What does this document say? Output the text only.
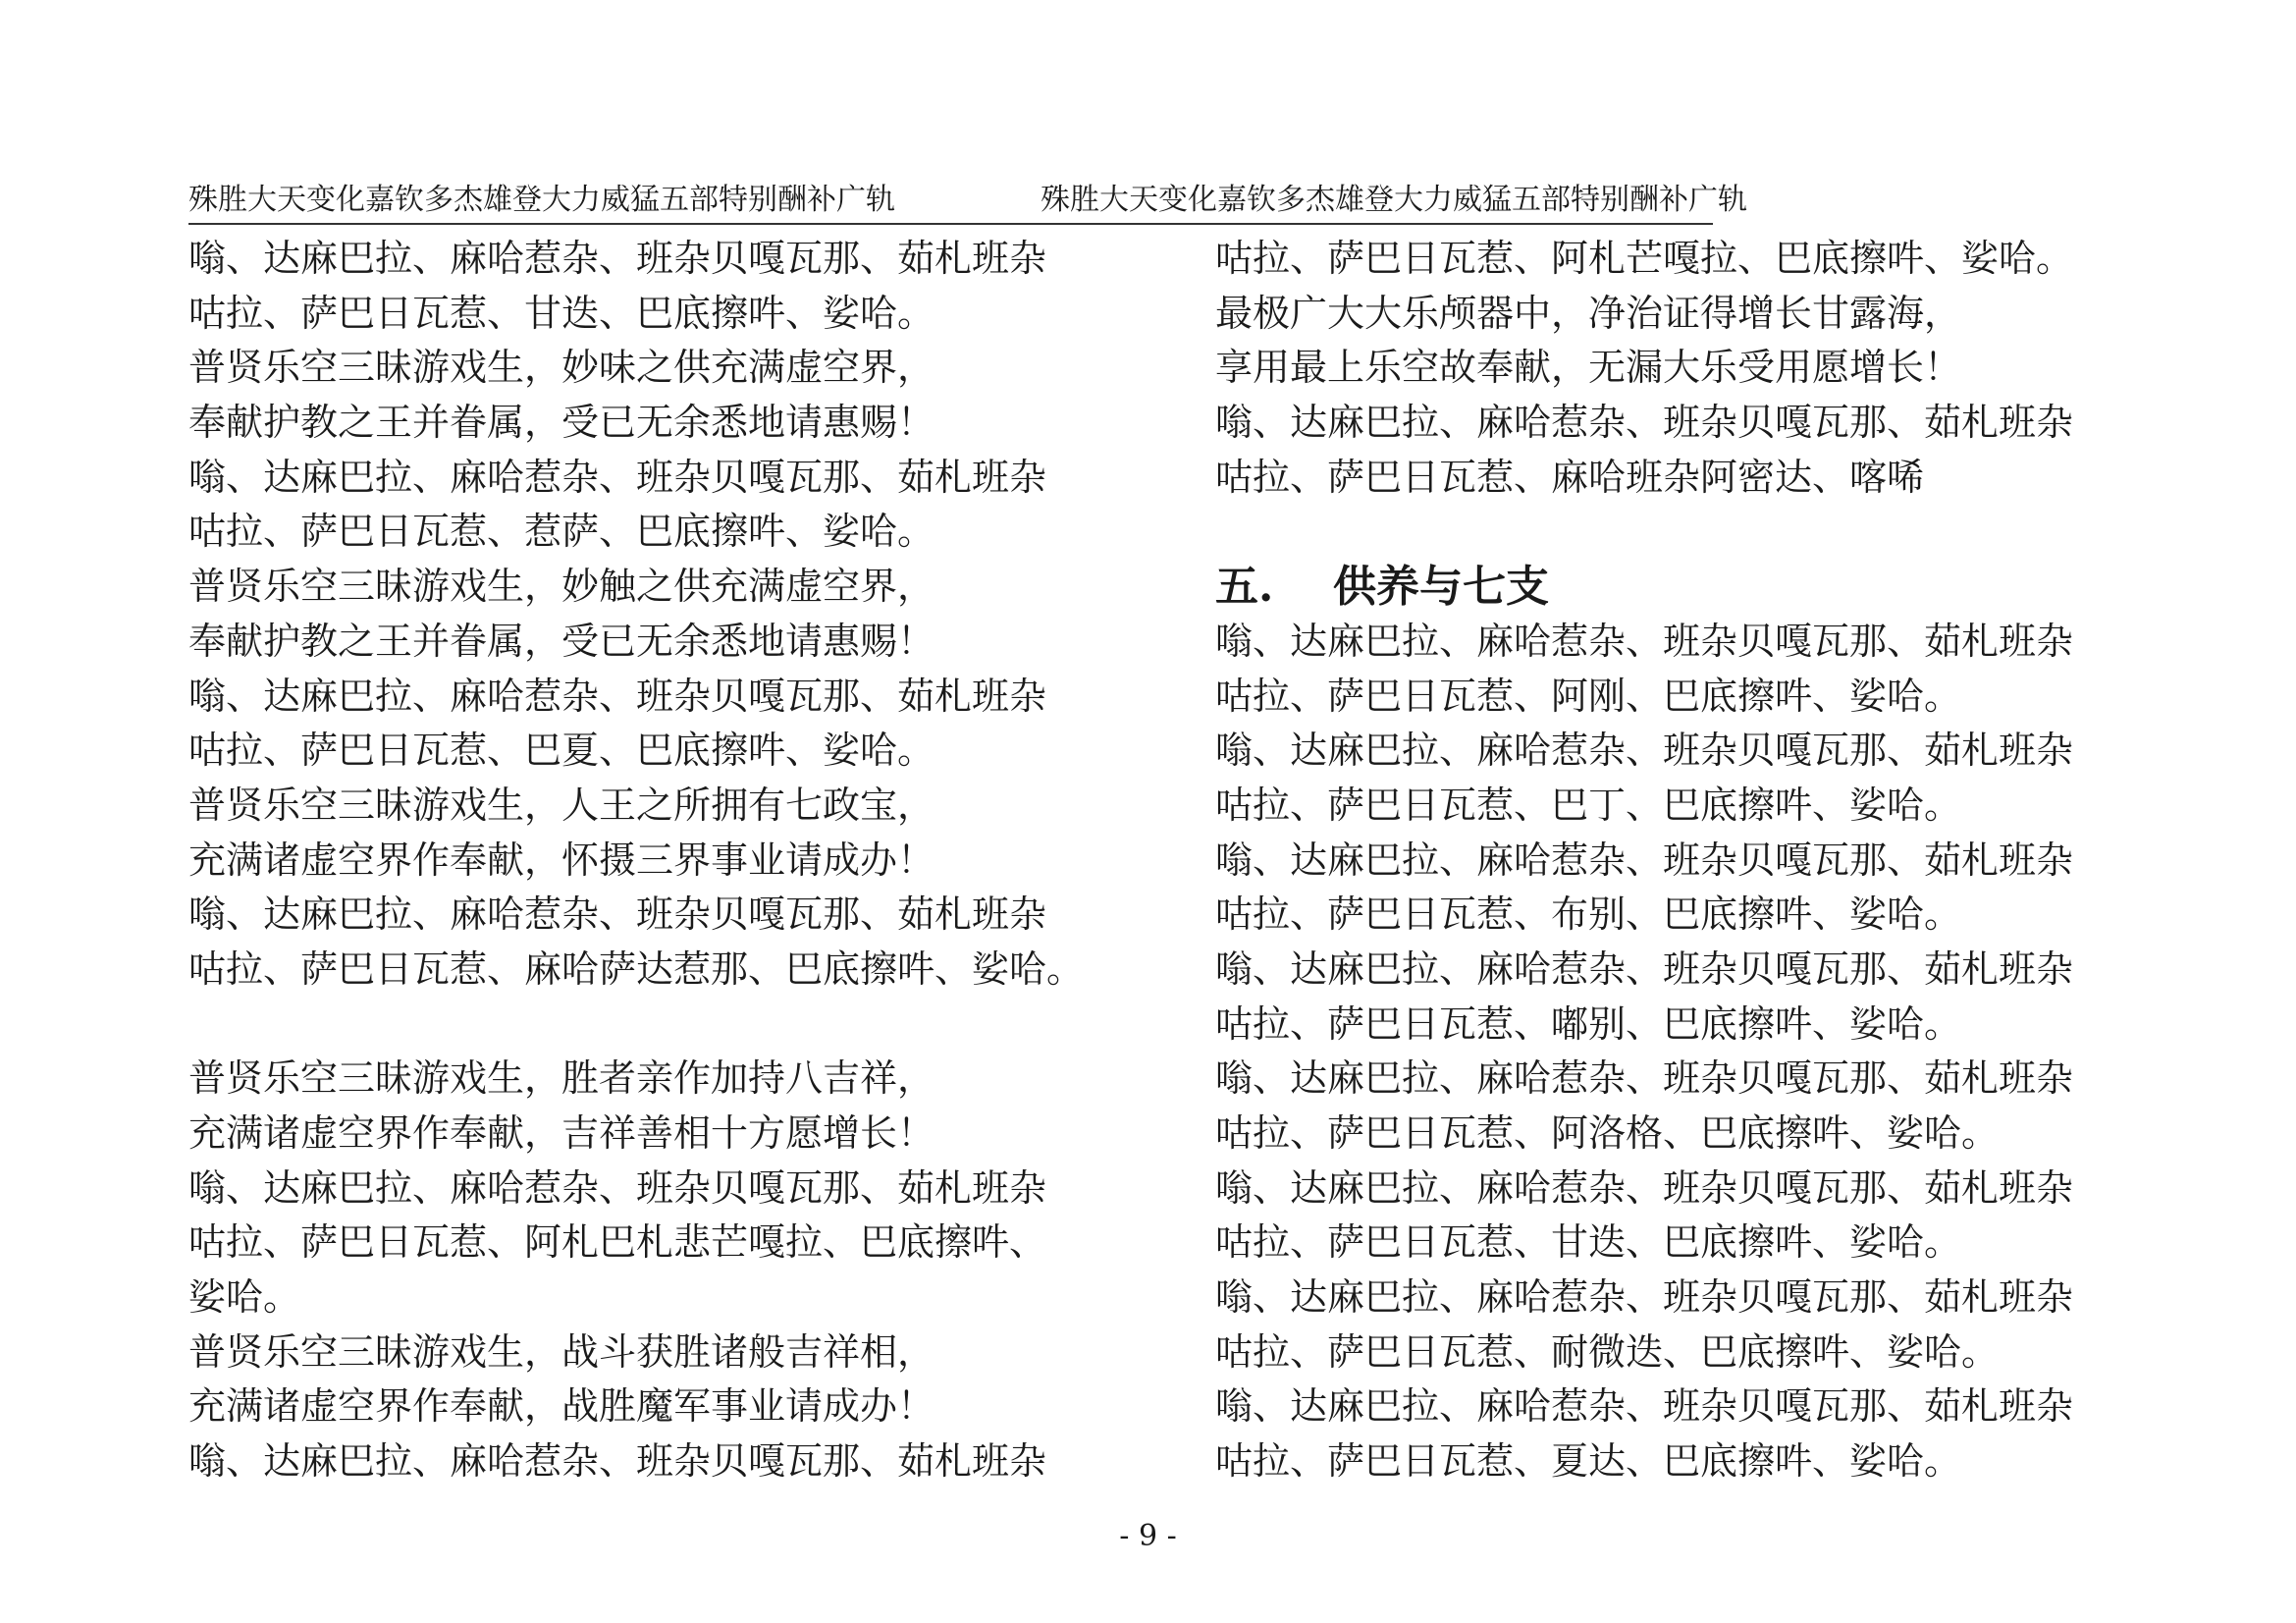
殊胜大天变化嘉钦多杰雄登大力威猛五部特别酬补广轨	殊胜大天变化嘉钦多杰雄登大力威猛五部特别酬补广轨
嗡、达麻巴拉、麻哈惹杂、班杂贝嘎瓦那、茹札班杂
咕拉、萨巴日瓦惹、甘迭、巴底擦吽、娑哈。
普贤乐空三昧游戏生，妙味之供充满虚空界，
奉献护教之王并眷属，受已无余悉地请惠赐！
嗡、达麻巴拉、麻哈惹杂、班杂贝嘎瓦那、茹札班杂
咕拉、萨巴日瓦惹、惹萨、巴底擦吽、娑哈。
普贤乐空三昧游戏生，妙触之供充满虚空界，
奉献护教之王并眷属，受已无余悉地请惠赐！
嗡、达麻巴拉、麻哈惹杂、班杂贝嘎瓦那、茹札班杂
咕拉、萨巴日瓦惹、巴夏、巴底擦吽、娑哈。
普贤乐空三昧游戏生，人王之所拥有七政宝，
充满诸虚空界作奉献，怀摄三界事业请成办！
嗡、达麻巴拉、麻哈惹杂、班杂贝嘎瓦那、茹札班杂
咕拉、萨巴日瓦惹、麻哈萨达惹那、巴底擦吽、娑哈。
普贤乐空三昧游戏生，胜者亲作加持八吉祥，
充满诸虚空界作奉献，吉祥善相十方愿增长！
嗡、达麻巴拉、麻哈惹杂、班杂贝嘎瓦那、茹札班杂
咕拉、萨巴日瓦惹、阿札巴札悲芒嘎拉、巴底擦吽、
娑哈。
普贤乐空三昧游戏生，战斗获胜诸般吉祥相，
充满诸虚空界作奉献，战胜魔军事业请成办！
嗡、达麻巴拉、麻哈惹杂、班杂贝嘎瓦那、茹札班杂
咕拉、萨巴日瓦惹、阿札芒嘎拉、巴底擦吽、娑哈。
最极广大大乐颅器中，净治证得增长甘露海，
享用最上乐空故奉献，无漏大乐受用愿增长！
嗡、达麻巴拉、麻哈惹杂、班杂贝嘎瓦那、茹札班杂
咕拉、萨巴日瓦惹、麻哈班杂阿密达、喀唏
五. 供养与七支
嗡、达麻巴拉、麻哈惹杂、班杂贝嘎瓦那、茹札班杂
咕拉、萨巴日瓦惹、阿刚、巴底擦吽、娑哈。
嗡、达麻巴拉、麻哈惹杂、班杂贝嘎瓦那、茹札班杂
咕拉、萨巴日瓦惹、巴丁、巴底擦吽、娑哈。
嗡、达麻巴拉、麻哈惹杂、班杂贝嘎瓦那、茹札班杂
咕拉、萨巴日瓦惹、布别、巴底擦吽、娑哈。
嗡、达麻巴拉、麻哈惹杂、班杂贝嘎瓦那、茹札班杂
咕拉、萨巴日瓦惹、嘟别、巴底擦吽、娑哈。
嗡、达麻巴拉、麻哈惹杂、班杂贝嘎瓦那、茹札班杂
咕拉、萨巴日瓦惹、阿洛格、巴底擦吽、娑哈。
嗡、达麻巴拉、麻哈惹杂、班杂贝嘎瓦那、茹札班杂
咕拉、萨巴日瓦惹、甘迭、巴底擦吽、娑哈。
嗡、达麻巴拉、麻哈惹杂、班杂贝嘎瓦那、茹札班杂
咕拉、萨巴日瓦惹、耐微迭、巴底擦吽、娑哈。
嗡、达麻巴拉、麻哈惹杂、班杂贝嘎瓦那、茹札班杂
咕拉、萨巴日瓦惹、夏达、巴底擦吽、娑哈。
- 9 -
